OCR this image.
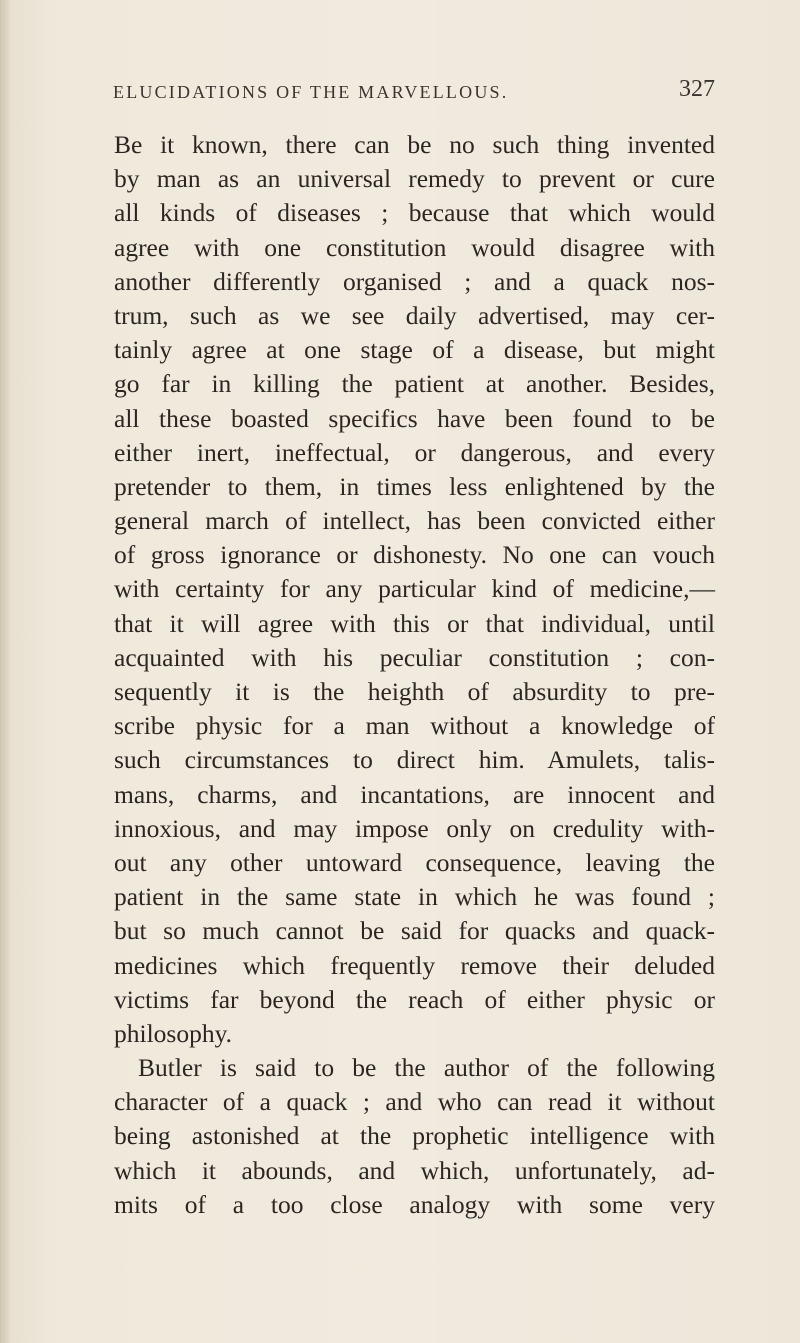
ELUCIDATIONS OF THE MARVELLOUS.	327
Be it known, there can be no such thing invented
by man as an universal remedy to prevent or cure
all kinds of diseases ; because that which would
agree with one constitution would disagree with
another differently organised ; and a quack nos-
trum, such as we see daily advertised, may cer-
tainly agree at one stage of a disease, but might
go far in killing the patient at another. Besides,
all these boasted specifics have been found to be
either inert, ineffectual, or dangerous, and every
pretender to them, in times less enlightened by the
general march of intellect, has been convicted either
of gross ignorance or dishonesty. No one can vouch
with certainty for any particular kind of medicine,—
that it will agree with this or that individual, until
acquainted with his peculiar constitution ; con-
sequently it is the heighth of absurdity to pre-
scribe physic for a man without a knowledge of
such circumstances to direct him. Amulets, talis-
mans, charms, and incantations, are innocent and
innoxious, and may impose only on credulity with-
out any other untoward consequence, leaving the
patient in the same state in which he was found ;
but so much cannot be said for quacks and quack-
medicines which frequently remove their deluded
victims far beyond the reach of either physic or
philosophy.
Butler is said to be the author of the following
character of a quack ; and who can read it without
being astonished at the prophetic intelligence with
which it abounds, and which, unfortunately, ad-
mits of a too close analogy with some very
